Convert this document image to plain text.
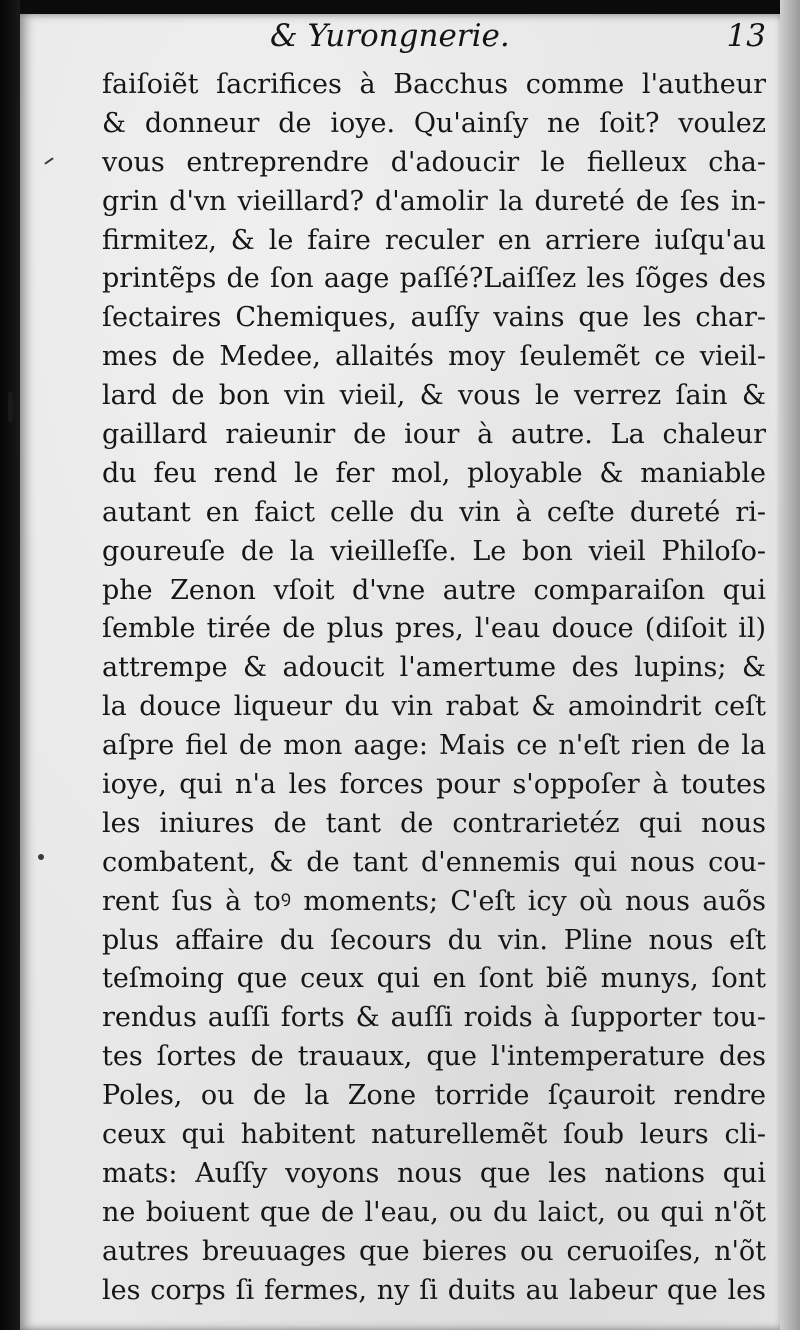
& Yurongnerie.	13
faiſoiẽt ſacrifices à Bacchus comme l'autheur
& donneur de ioye. Qu'ainſy ne ſoit? voulez
vous entreprendre d'adoucir le fielleux cha-
grin d'vn vieillard? d'amolir la dureté de ſes in-
firmitez, & le faire reculer en arriere iuſqu'au
printẽps de ſon aage paſſé?Laiſſez les ſõges des
ſectaires Chemiques, auſſy vains que les char-
mes de Medee, allaités moy ſeulemẽt ce vieil-
lard de bon vin vieil, & vous le verrez ſain &
gaillard raieunir de iour à autre. La chaleur
du feu rend le fer mol, ployable & maniable
autant en faict celle du vin à ceſte dureté ri-
goureuſe de la vieilleſſe. Le bon vieil Philoſo-
phe Zenon vſoit d'vne autre comparaiſon qui
ſemble tirée de plus pres, l'eau douce (diſoit il)
attrempe & adoucit l'amertume des lupins; &
la douce liqueur du vin rabat & amoindrit ceſt
aſpre fiel de mon aage: Mais ce n'eſt rien de la
ioye, qui n'a les forces pour s'oppoſer à toutes
les iniures de tant de contrarietéz qui nous
combatent, & de tant d'ennemis qui nous cou-
rent ſus à toꝰ moments; C'eſt icy où nous auõs
plus affaire du ſecours du vin. Pline nous eſt
teſmoing que ceux qui en ſont biẽ munys, ſont
rendus auſſi forts & auſſi roids à ſupporter tou-
tes ſortes de trauaux, que l'intemperature des
Poles, ou de la Zone torride ſçauroit rendre
ceux qui habitent naturellemẽt ſoub leurs cli-
mats: Auſſy voyons nous que les nations qui
ne boiuent que de l'eau, ou du laict, ou qui n'õt
autres breuuages que bieres ou ceruoiſes, n'õt
les corps ſi fermes, ny ſi duits au labeur que les
